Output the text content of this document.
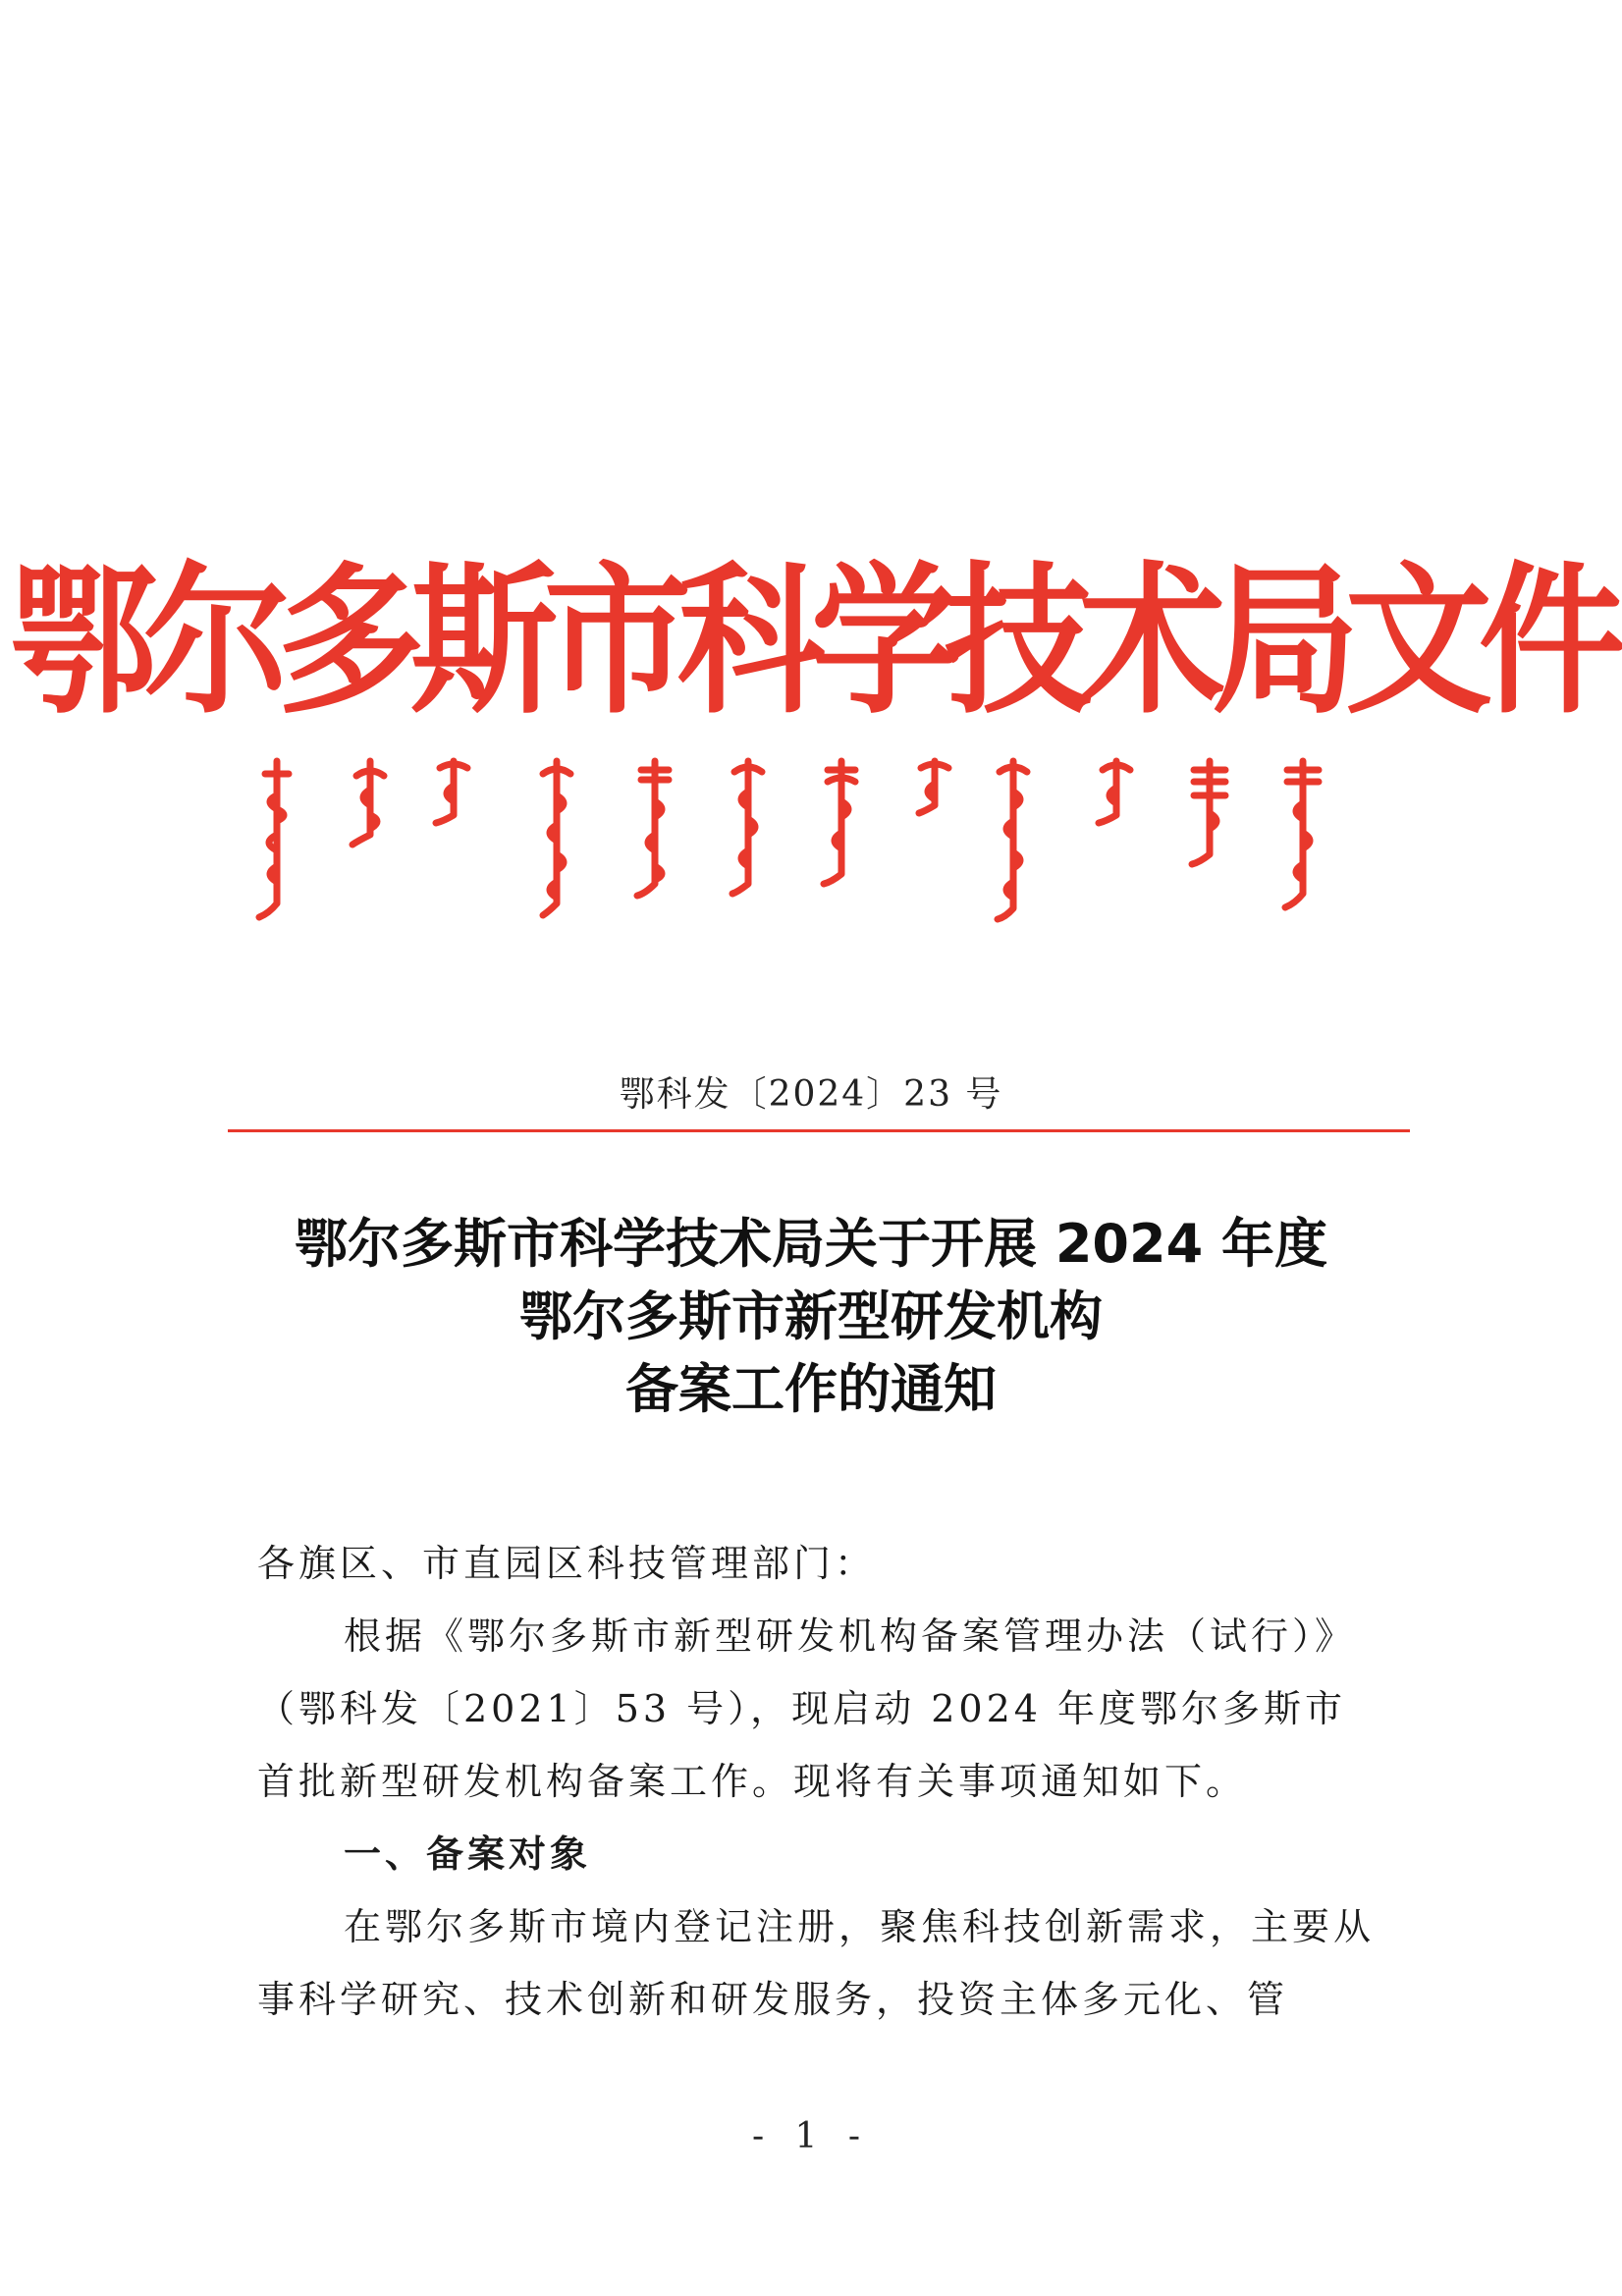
鄂尔多斯市科学技术局文件
鄂科发〔2024〕23 号
鄂尔多斯市科学技术局关于开展 2024 年度
鄂尔多斯市新型研发机构
备案工作的通知

各旗区、市直园区科技管理部门：

根据《鄂尔多斯市新型研发机构备案管理办法（试行）》（鄂科发〔2021〕53 号），现启动 2024 年度鄂尔多斯市首批新型研发机构备案工作。现将有关事项通知如下。

一、备案对象

在鄂尔多斯市境内登记注册，聚焦科技创新需求，主要从事科学研究、技术创新和研发服务，投资主体多元化、管

- 1 -
